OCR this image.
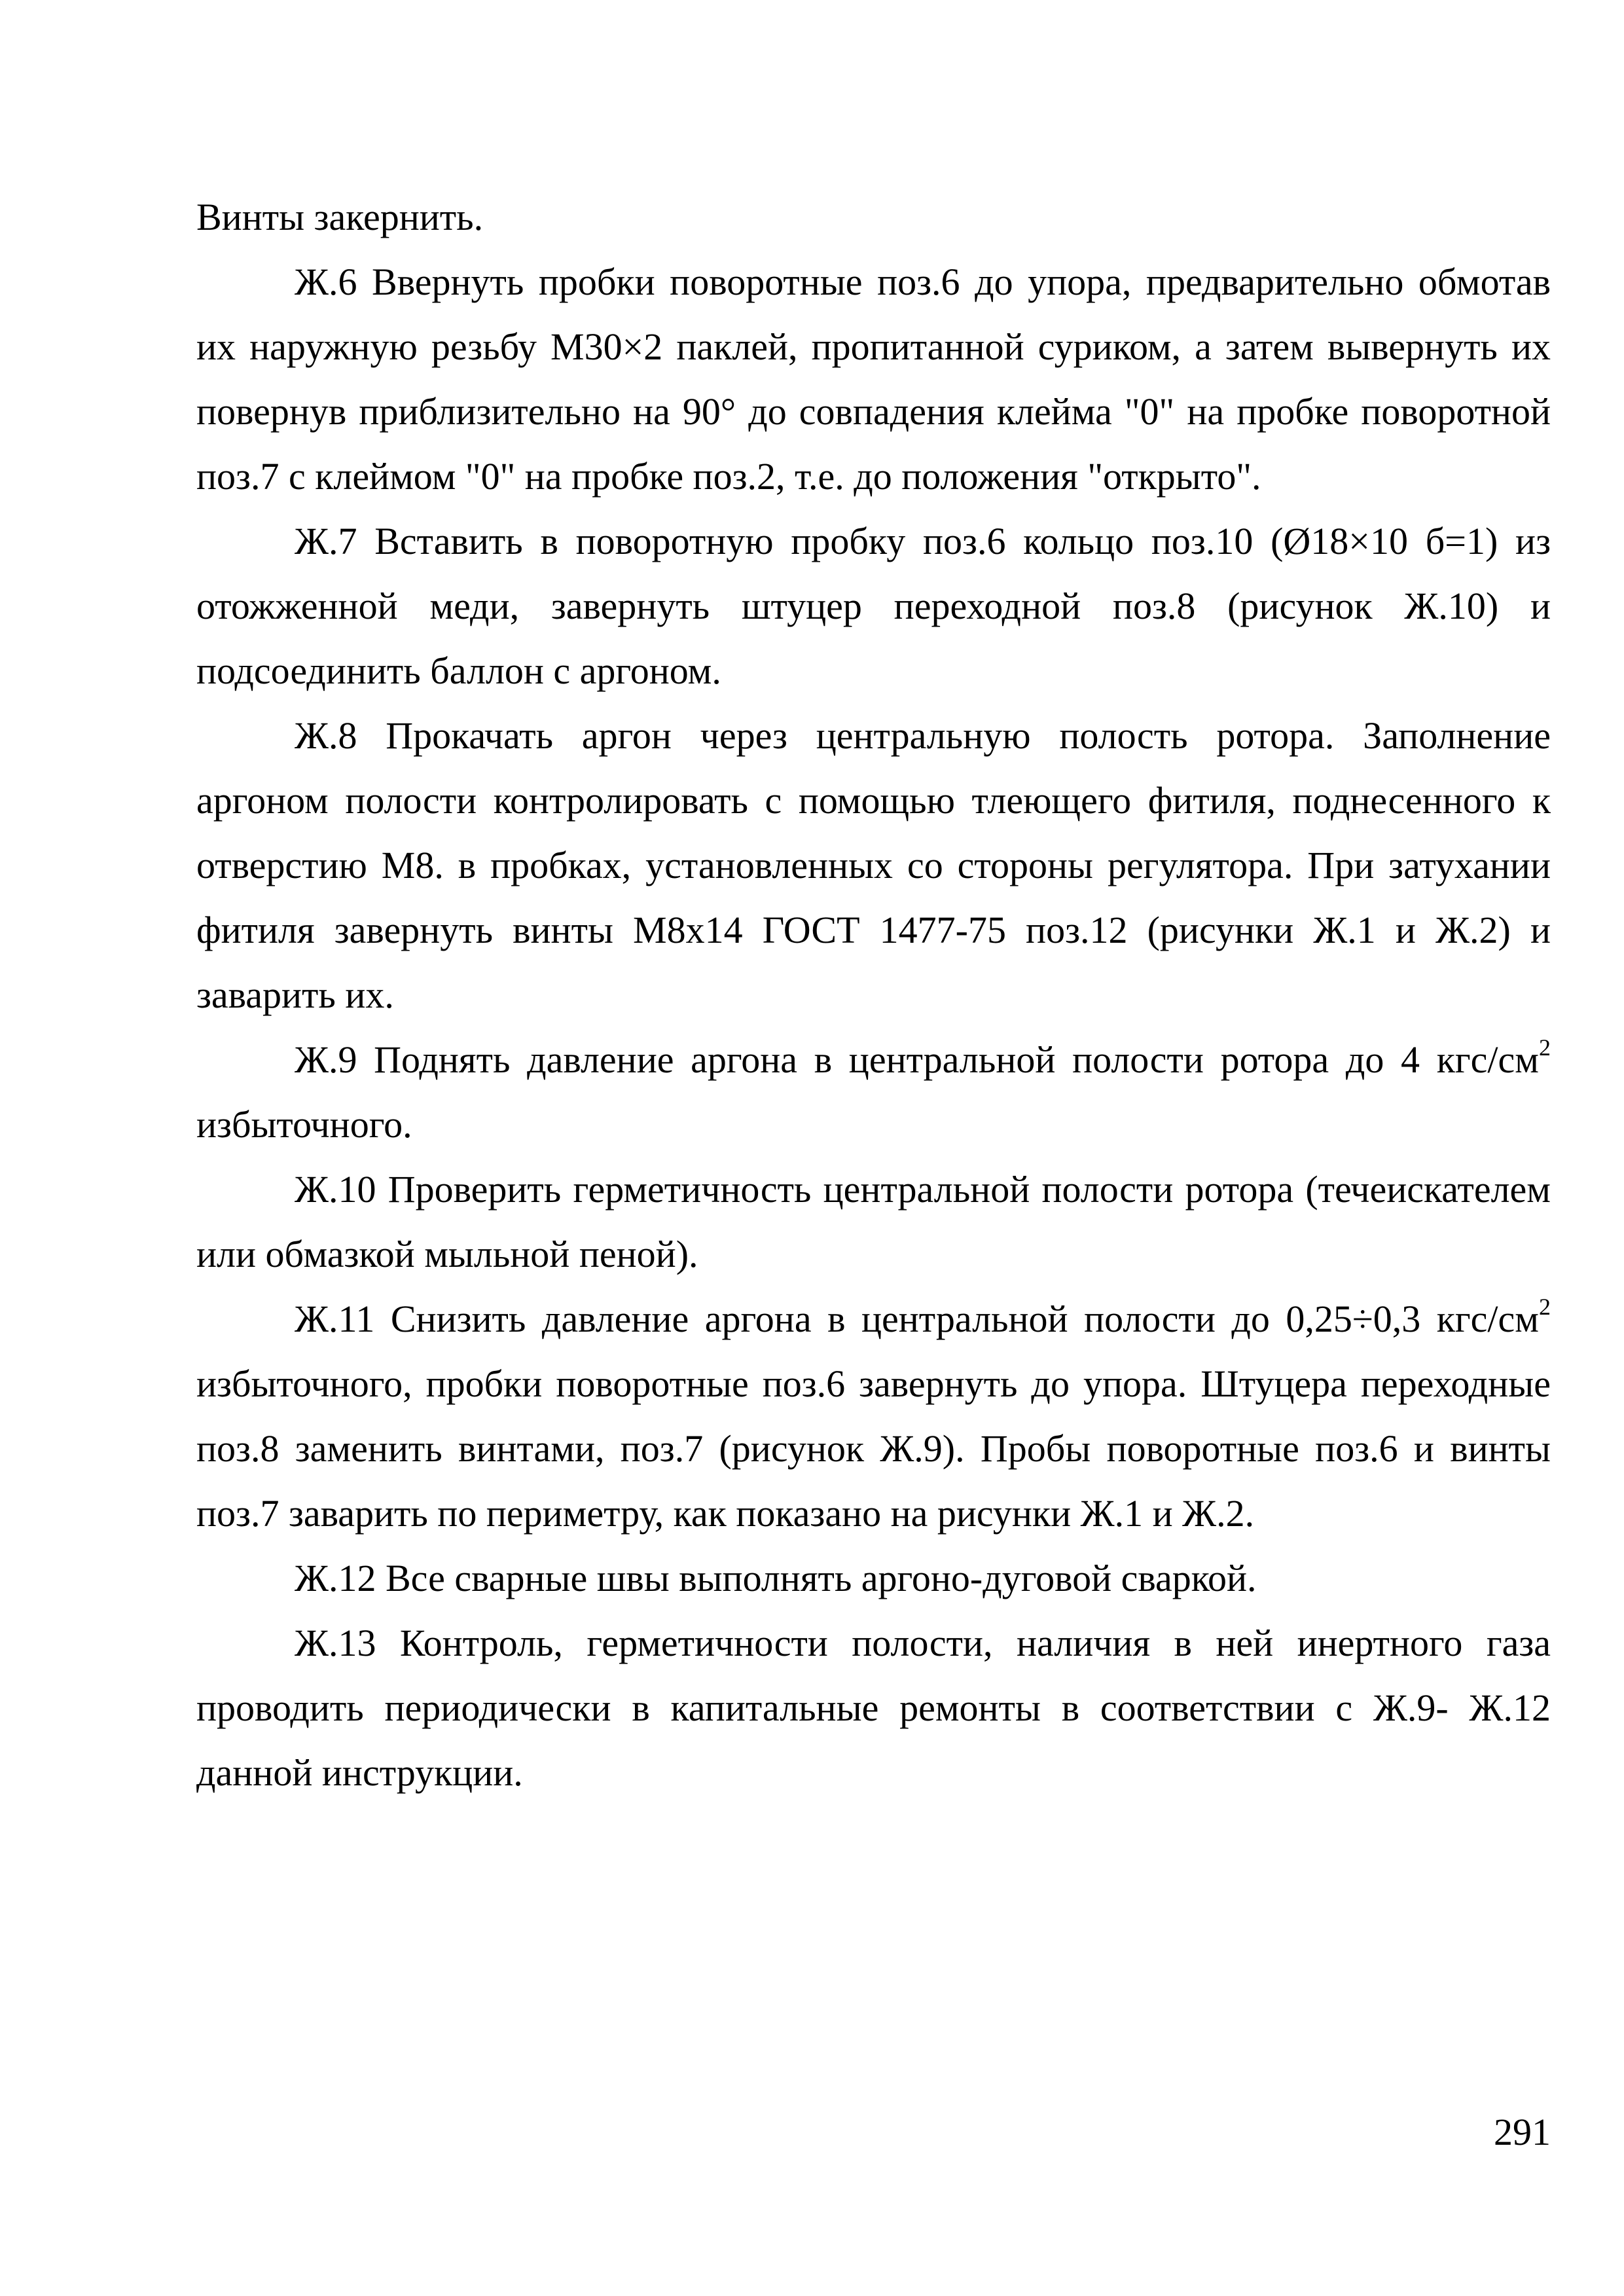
Винты закернить.

Ж.6 Ввернуть пробки поворотные поз.6 до упора, предварительно обмотав их наружную резьбу М30×2 паклей, пропитанной суриком, а затем вывернуть их повернув приблизительно на 90° до совпадения клейма "0" на пробке поворотной поз.7 с клеймом "0" на пробке поз.2, т.е. до положения "открыто".

Ж.7 Вставить в поворотную пробку поз.6 кольцо поз.10 (Ø18×10 б=1) из отожженной меди, завернуть штуцер переходной поз.8 (рисунок Ж.10) и подсоединить баллон с аргоном.

Ж.8 Прокачать аргон через центральную полость ротора. Заполнение аргоном полости контролировать с помощью тлеющего фитиля, поднесенного к отверстию М8. в пробках, установленных со стороны регулятора. При затухании фитиля завернуть винты М8х14 ГОСТ 1477-75 поз.12 (рисунки Ж.1 и Ж.2) и заварить их.

Ж.9 Поднять давление аргона в центральной полости ротора до 4 кгс/$см^2$ избыточного.

Ж.10 Проверить герметичность центральной полости ротора (течеискателем или обмазкой мыльной пеной).

Ж.11 Снизить давление аргона в центральной полости до 0,25÷0,3 кгс/$см^2$ избыточного, пробки поворотные поз.6 завернуть до упора. Штуцера переходные поз.8 заменить винтами, поз.7 (рисунок Ж.9). Пробы поворотные поз.6 и винты поз.7 заварить по периметру, как показано на рисунки Ж.1 и Ж.2.

Ж.12 Все сварные швы выполнять аргоно-дуговой сваркой.

Ж.13 Контроль, герметичности полости, наличия в ней инертного газа проводить периодически в капитальные ремонты в соответствии с Ж.9- Ж.12 данной инструкции.

291
